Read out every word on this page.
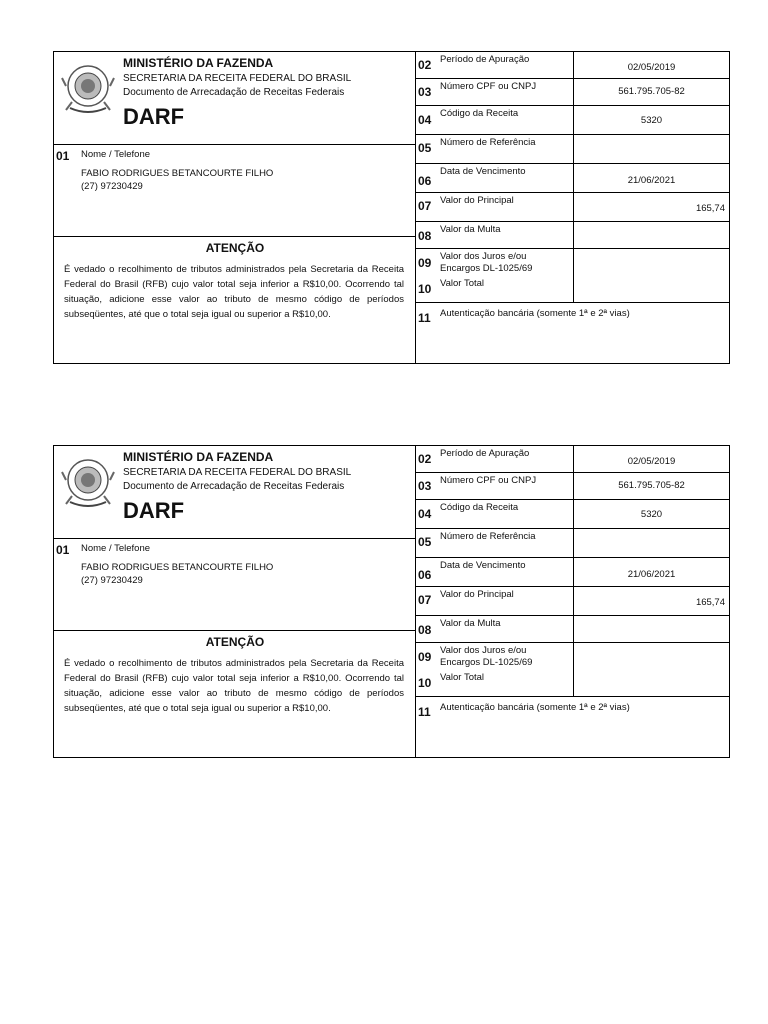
MINISTÉRIO DA FAZENDA
SECRETARIA DA RECEITA FEDERAL DO BRASIL
Documento de Arrecadação de Receitas Federais
DARF
01 Nome / Telefone
FABIO RODRIGUES BETANCOURTE FILHO
(27) 97230429
ATENÇÃO
É vedado o recolhimento de tributos administrados pela Secretaria da Receita Federal do Brasil (RFB) cujo valor total seja inferior a R$10,00. Ocorrendo tal situação, adicione esse valor ao tributo de mesmo código de períodos subseqüentes, até que o total seja igual ou superior a R$10,00.
02 Período de Apuração
02/05/2019
03 Número CPF ou CNPJ	561.795.705-82
04 Código da Receita
5320
05 Número de Referência
06
Data de Vencimento
21/06/2021
07 Valor do Principal
165,74
08 Valor da Multa
09 Valor dos Juros e/ou
Encargos DL-1025/69
10 Valor Total
11 Autenticação bancária (somente 1ª e 2ª vias)
MINISTÉRIO DA FAZENDA
SECRETARIA DA RECEITA FEDERAL DO BRASIL
Documento de Arrecadação de Receitas Federais
DARF
01 Nome / Telefone
FABIO RODRIGUES BETANCOURTE FILHO
(27) 97230429
ATENÇÃO
É vedado o recolhimento de tributos administrados pela Secretaria da Receita Federal do Brasil (RFB) cujo valor total seja inferior a R$10,00. Ocorrendo tal situação, adicione esse valor ao tributo de mesmo código de períodos subseqüentes, até que o total seja igual ou superior a R$10,00.
02 Período de Apuração
02/05/2019
03 Número CPF ou CNPJ	561.795.705-82
04 Código da Receita
5320
05 Número de Referência
06
Data de Vencimento
21/06/2021
07 Valor do Principal
165,74
08 Valor da Multa
09 Valor dos Juros e/ou
Encargos DL-1025/69
10 Valor Total
11 Autenticação bancária (somente 1ª e 2ª vias)
